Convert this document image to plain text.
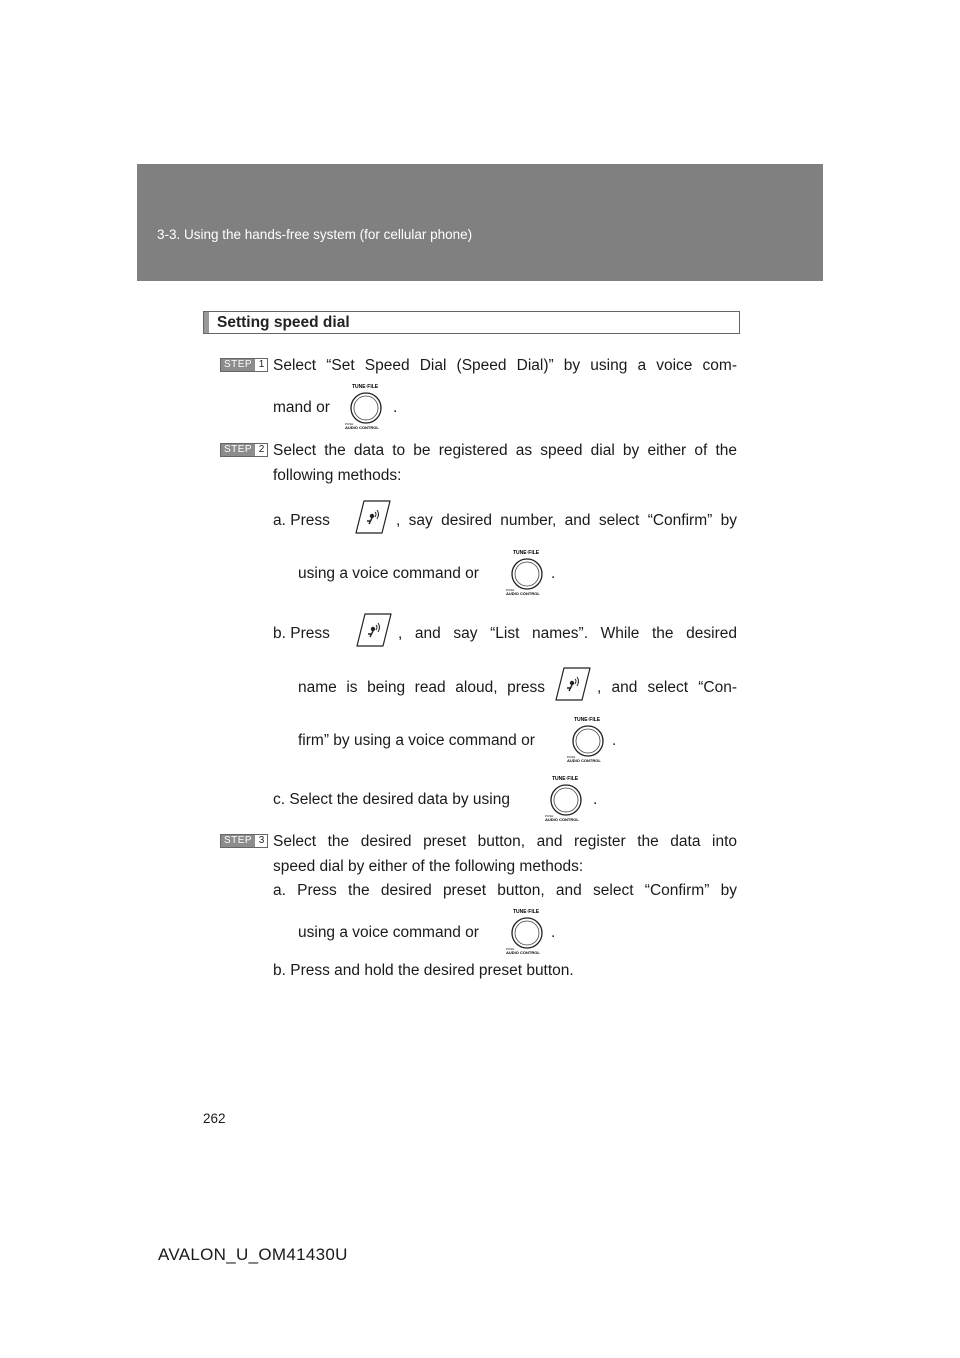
3-3. Using the hands-free system (for cellular phone)
Setting speed dial
STEP 1 Select “Set Speed Dial (Speed Dial)” by using a voice com-
mand or
TUNE·FILE
PUSH
AUDIO CONTROL
.
STEP 2 Select the data to be registered as speed dial by either of the
following methods:
a. Press	, say desired number, and select “Confirm” by
using a voice command or
TUNE·FILE
PUSH
AUDIO CONTROL
.
b. Press	, and say “List names”. While the desired
name is being read aloud, press	, and select “Con-
firm” by using a voice command or
TUNE·FILE
PUSH
AUDIO CONTROL
.
c. Select the desired data by using
TUNE·FILE
PUSH
AUDIO CONTROL
.
STEP 3 Select the desired preset button, and register the data into
speed dial by either of the following methods:
a. Press the desired preset button, and select “Confirm” by
using a voice command or
TUNE·FILE
PUSH
AUDIO CONTROL
.
b. Press and hold the desired preset button.
262
AVALON_U_OM41430U
